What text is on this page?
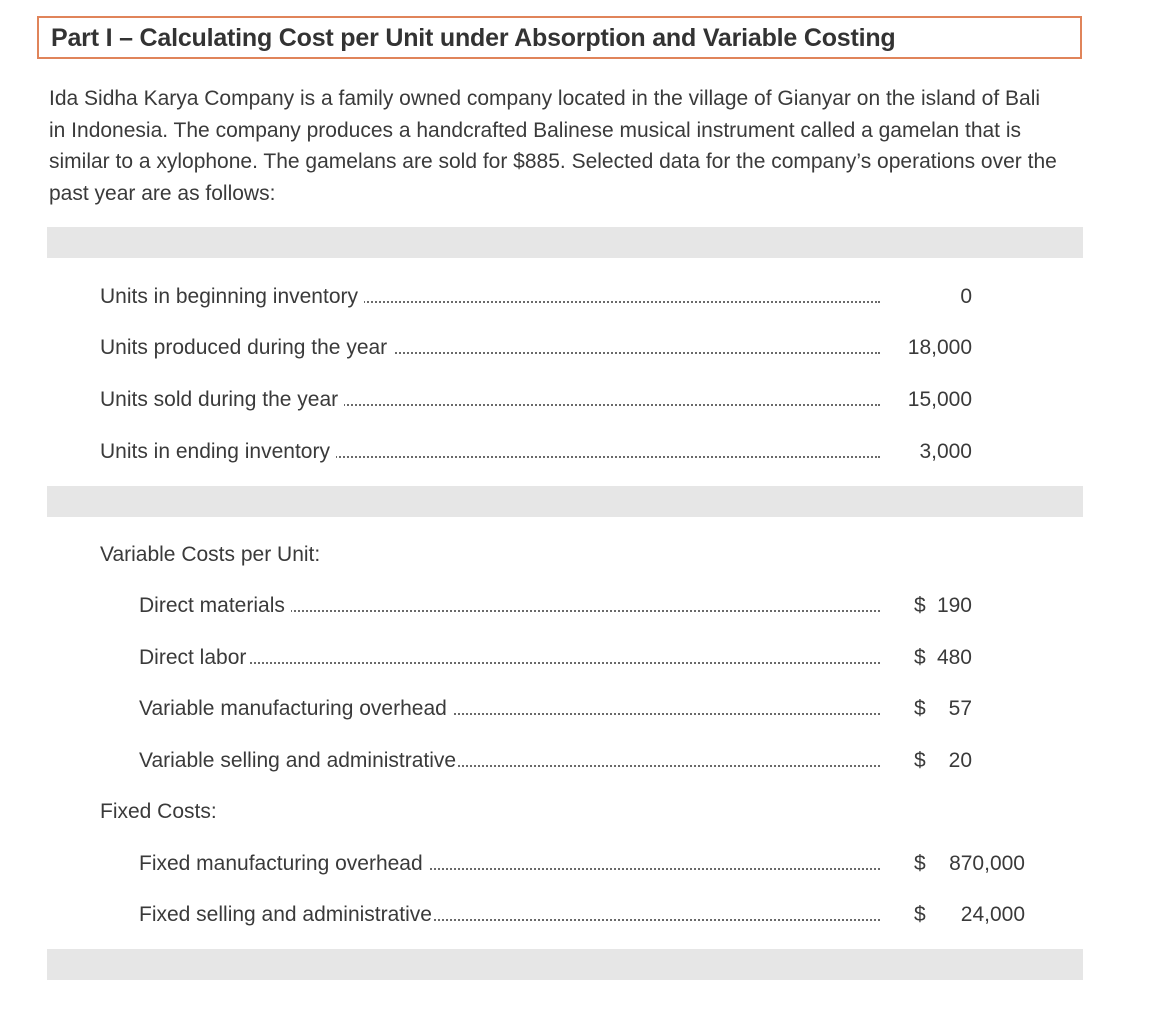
Part I – Calculating Cost per Unit under Absorption and Variable Costing
Ida Sidha Karya Company is a family owned company located in the village of Gianyar on the island of Bali in Indonesia. The company produces a handcrafted Balinese musical instrument called a gamelan that is similar to a xylophone. The gamelans are sold for $885. Selected data for the company’s operations over the past year are as follows:
Units in beginning inventory	0
Units produced during the year	18,000
Units sold during the year	15,000
Units in ending inventory	3,000
Variable Costs per Unit:
Direct materials	$ 190
Direct labor	$ 480
Variable manufacturing overhead	$ 57
Variable selling and administrative	$ 20
Fixed Costs:
Fixed manufacturing overhead	$ 870,000
Fixed selling and administrative	$ 24,000
